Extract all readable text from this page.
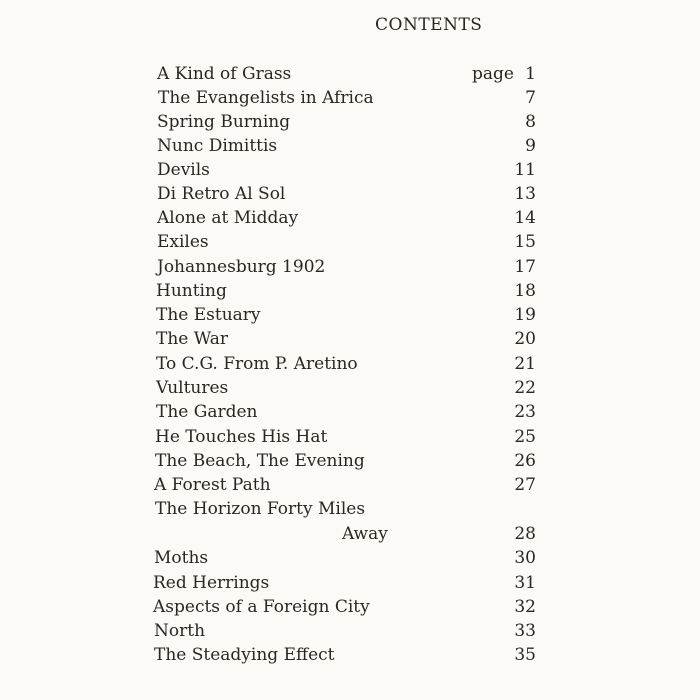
CONTENTS
page
A Kind of Grass	1
The Evangelists in Africa	7
Spring Burning	8
Nunc Dimittis	9
Devils	11
Di Retro Al Sol	13
Alone at Midday	14
Exiles	15
Johannesburg 1902	17
Hunting	18
The Estuary	19
The War	20
To C.G. From P. Aretino	21
Vultures	22
The Garden	23
He Touches His Hat	25
The Beach, The Evening	26
A Forest Path	27
The Horizon Forty Miles
Away	28
Moths	30
Red Herrings	31
Aspects of a Foreign City	32
North	33
The Steadying Effect	35
